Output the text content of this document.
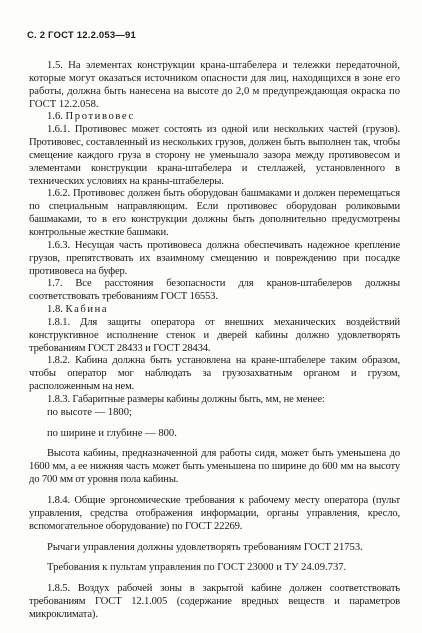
С. 2 ГОСТ 12.2.053—91

1.5. На элементах конструкции крана-штабелера и тележки передаточной, которые могут оказаться источником опасности для лиц, находящихся в зоне его работы, должна быть нанесена на высоте до 2,0 м предупреждающая окраска по ГОСТ 12.2.058.

1.6. Противовес

1.6.1. Противовес может состоять из одной или нескольких частей (грузов). Противовес, составленный из нескольких грузов, должен быть выполнен так, чтобы смещение каждого груза в сторону не уменьшало зазора между противовесом и элементами конструкции крана-штабелера и стеллажей, установленного в технических условиях на краны-штабелеры.

1.6.2. Противовес должен быть оборудован башмаками и должен перемещаться по специальным направляющим. Если противовес оборудован роликовыми башмаками, то в его конструкции должны быть дополнительно предусмотрены контрольные жесткие башмаки.

1.6.3. Несущая часть противовеса должна обеспечивать надежное крепление грузов, препятствовать их взаимному смещению и повреждению при посадке противовеса на буфер.

1.7. Все расстояния безопасности для кранов-штабелеров должны соответствовать требованиям ГОСТ 16553.

1.8. Кабина

1.8.1. Для защиты оператора от внешних механических воздействий конструктивное исполнение стенок и дверей кабины должно удовлетворять требованиям ГОСТ 28433 и ГОСТ 28434.

1.8.2. Кабина должна быть установлена на кране-штабелере таким образом, чтобы оператор мог наблюдать за грузозахватным органом и грузом, расположенным на нем.

1.8.3. Габаритные размеры кабины должны быть, мм, не менее:

по высоте — 1800;

по ширине и глубине — 800.

Высота кабины, предназначенной для работы сидя, может быть уменьшена до 1600 мм, а ее нижняя часть может быть уменьшена по ширине до 600 мм на высоту до 700 мм от уровня пола кабины.

1.8.4. Общие эргономические требования к рабочему месту оператора (пульт управления, средства отображения информации, органы управления, кресло, вспомогательное оборудование) по ГОСТ 22269.

Рычаги управления должны удовлетворять требованиям ГОСТ 21753.

Требования к пультам управления по ГОСТ 23000 и ТУ 24.09.737.

1.8.5. Воздух рабочей зоны в закрытой кабине должен соответствовать требованиям ГОСТ 12.1.005 (содержание вредных веществ и параметров микроклимата).
